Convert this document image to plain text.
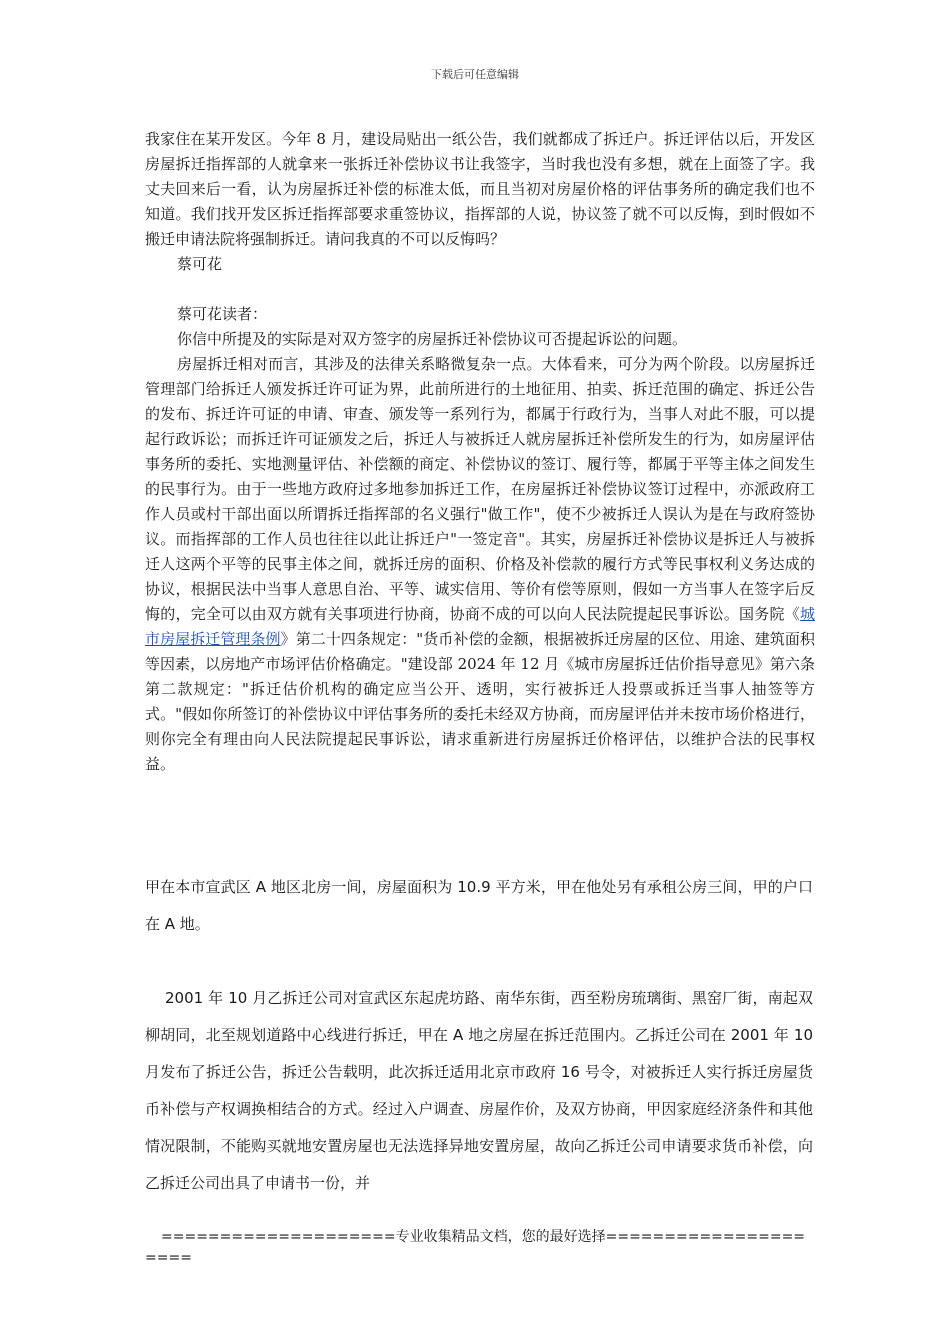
下载后可任意编辑

我家住在某开发区。今年 8 月，建设局贴出一纸公告，我们就都成了拆迁户。拆迁评估以后，开发区房屋拆迁指挥部的人就拿来一张拆迁补偿协议书让我签字，当时我也没有多想，就在上面签了字。我丈夫回来后一看，认为房屋拆迁补偿的标准太低，而且当初对房屋价格的评估事务所的确定我们也不知道。我们找开发区拆迁指挥部要求重签协议，指挥部的人说，协议签了就不可以反悔，到时假如不搬迁申请法院将强制拆迁。请问我真的不可以反悔吗？

蔡可花

蔡可花读者：

你信中所提及的实际是对双方签字的房屋拆迁补偿协议可否提起诉讼的问题。

房屋拆迁相对而言，其涉及的法律关系略微复杂一点。大体看来，可分为两个阶段。以房屋拆迁管理部门给拆迁人颁发拆迁许可证为界，此前所进行的土地征用、拍卖、拆迁范围的确定、拆迁公告的发布、拆迁许可证的申请、审查、颁发等一系列行为，都属于行政行为，当事人对此不服，可以提起行政诉讼；而拆迁许可证颁发之后，拆迁人与被拆迁人就房屋拆迁补偿所发生的行为，如房屋评估事务所的委托、实地测量评估、补偿额的商定、补偿协议的签订、履行等，都属于平等主体之间发生的民事行为。由于一些地方政府过多地参加拆迁工作，在房屋拆迁补偿协议签订过程中，亦派政府工作人员或村干部出面以所谓拆迁指挥部的名义强行"做工作"，使不少被拆迁人误认为是在与政府签协议。而指挥部的工作人员也往往以此让拆迁户"一签定音"。其实，房屋拆迁补偿协议是拆迁人与被拆迁人这两个平等的民事主体之间，就拆迁房的面积、价格及补偿款的履行方式等民事权利义务达成的协议，根据民法中当事人意思自治、平等、诚实信用、等价有偿等原则，假如一方当事人在签字后反悔的，完全可以由双方就有关事项进行协商，协商不成的可以向人民法院提起民事诉讼。国务院《城市房屋拆迁管理条例》第二十四条规定："货币补偿的金额，根据被拆迁房屋的区位、用途、建筑面积等因素，以房地产市场评估价格确定。"建设部 2024 年 12 月《城市房屋拆迁估价指导意见》第六条第二款规定："拆迁估价机构的确定应当公开、透明，实行被拆迁人投票或拆迁当事人抽签等方式。"假如你所签订的补偿协议中评估事务所的委托未经双方协商，而房屋评估并未按市场价格进行，则你完全有理由向人民法院提起民事诉讼，请求重新进行房屋拆迁价格评估，以维护合法的民事权益。

甲在本市宣武区 A 地区北房一间，房屋面积为 10.9 平方米，甲在他处另有承租公房三间，甲的户口在 A 地。

2001 年 10 月乙拆迁公司对宣武区东起虎坊路、南华东街，西至粉房琉璃街、黑窑厂街，南起双柳胡同，北至规划道路中心线进行拆迁，甲在 A 地之房屋在拆迁范围内。乙拆迁公司在 2001 年 10 月发布了拆迁公告，拆迁公告载明，此次拆迁适用北京市政府 16 号令，对被拆迁人实行拆迁房屋货币补偿与产权调换相结合的方式。经过入户调查、房屋作价，及双方协商，甲因家庭经济条件和其他情况限制，不能购买就地安置房屋也无法选择异地安置房屋，故向乙拆迁公司申请要求货币补偿，向乙拆迁公司出具了申请书一份，并

====================专业收集精品文档，您的最好选择=====================
